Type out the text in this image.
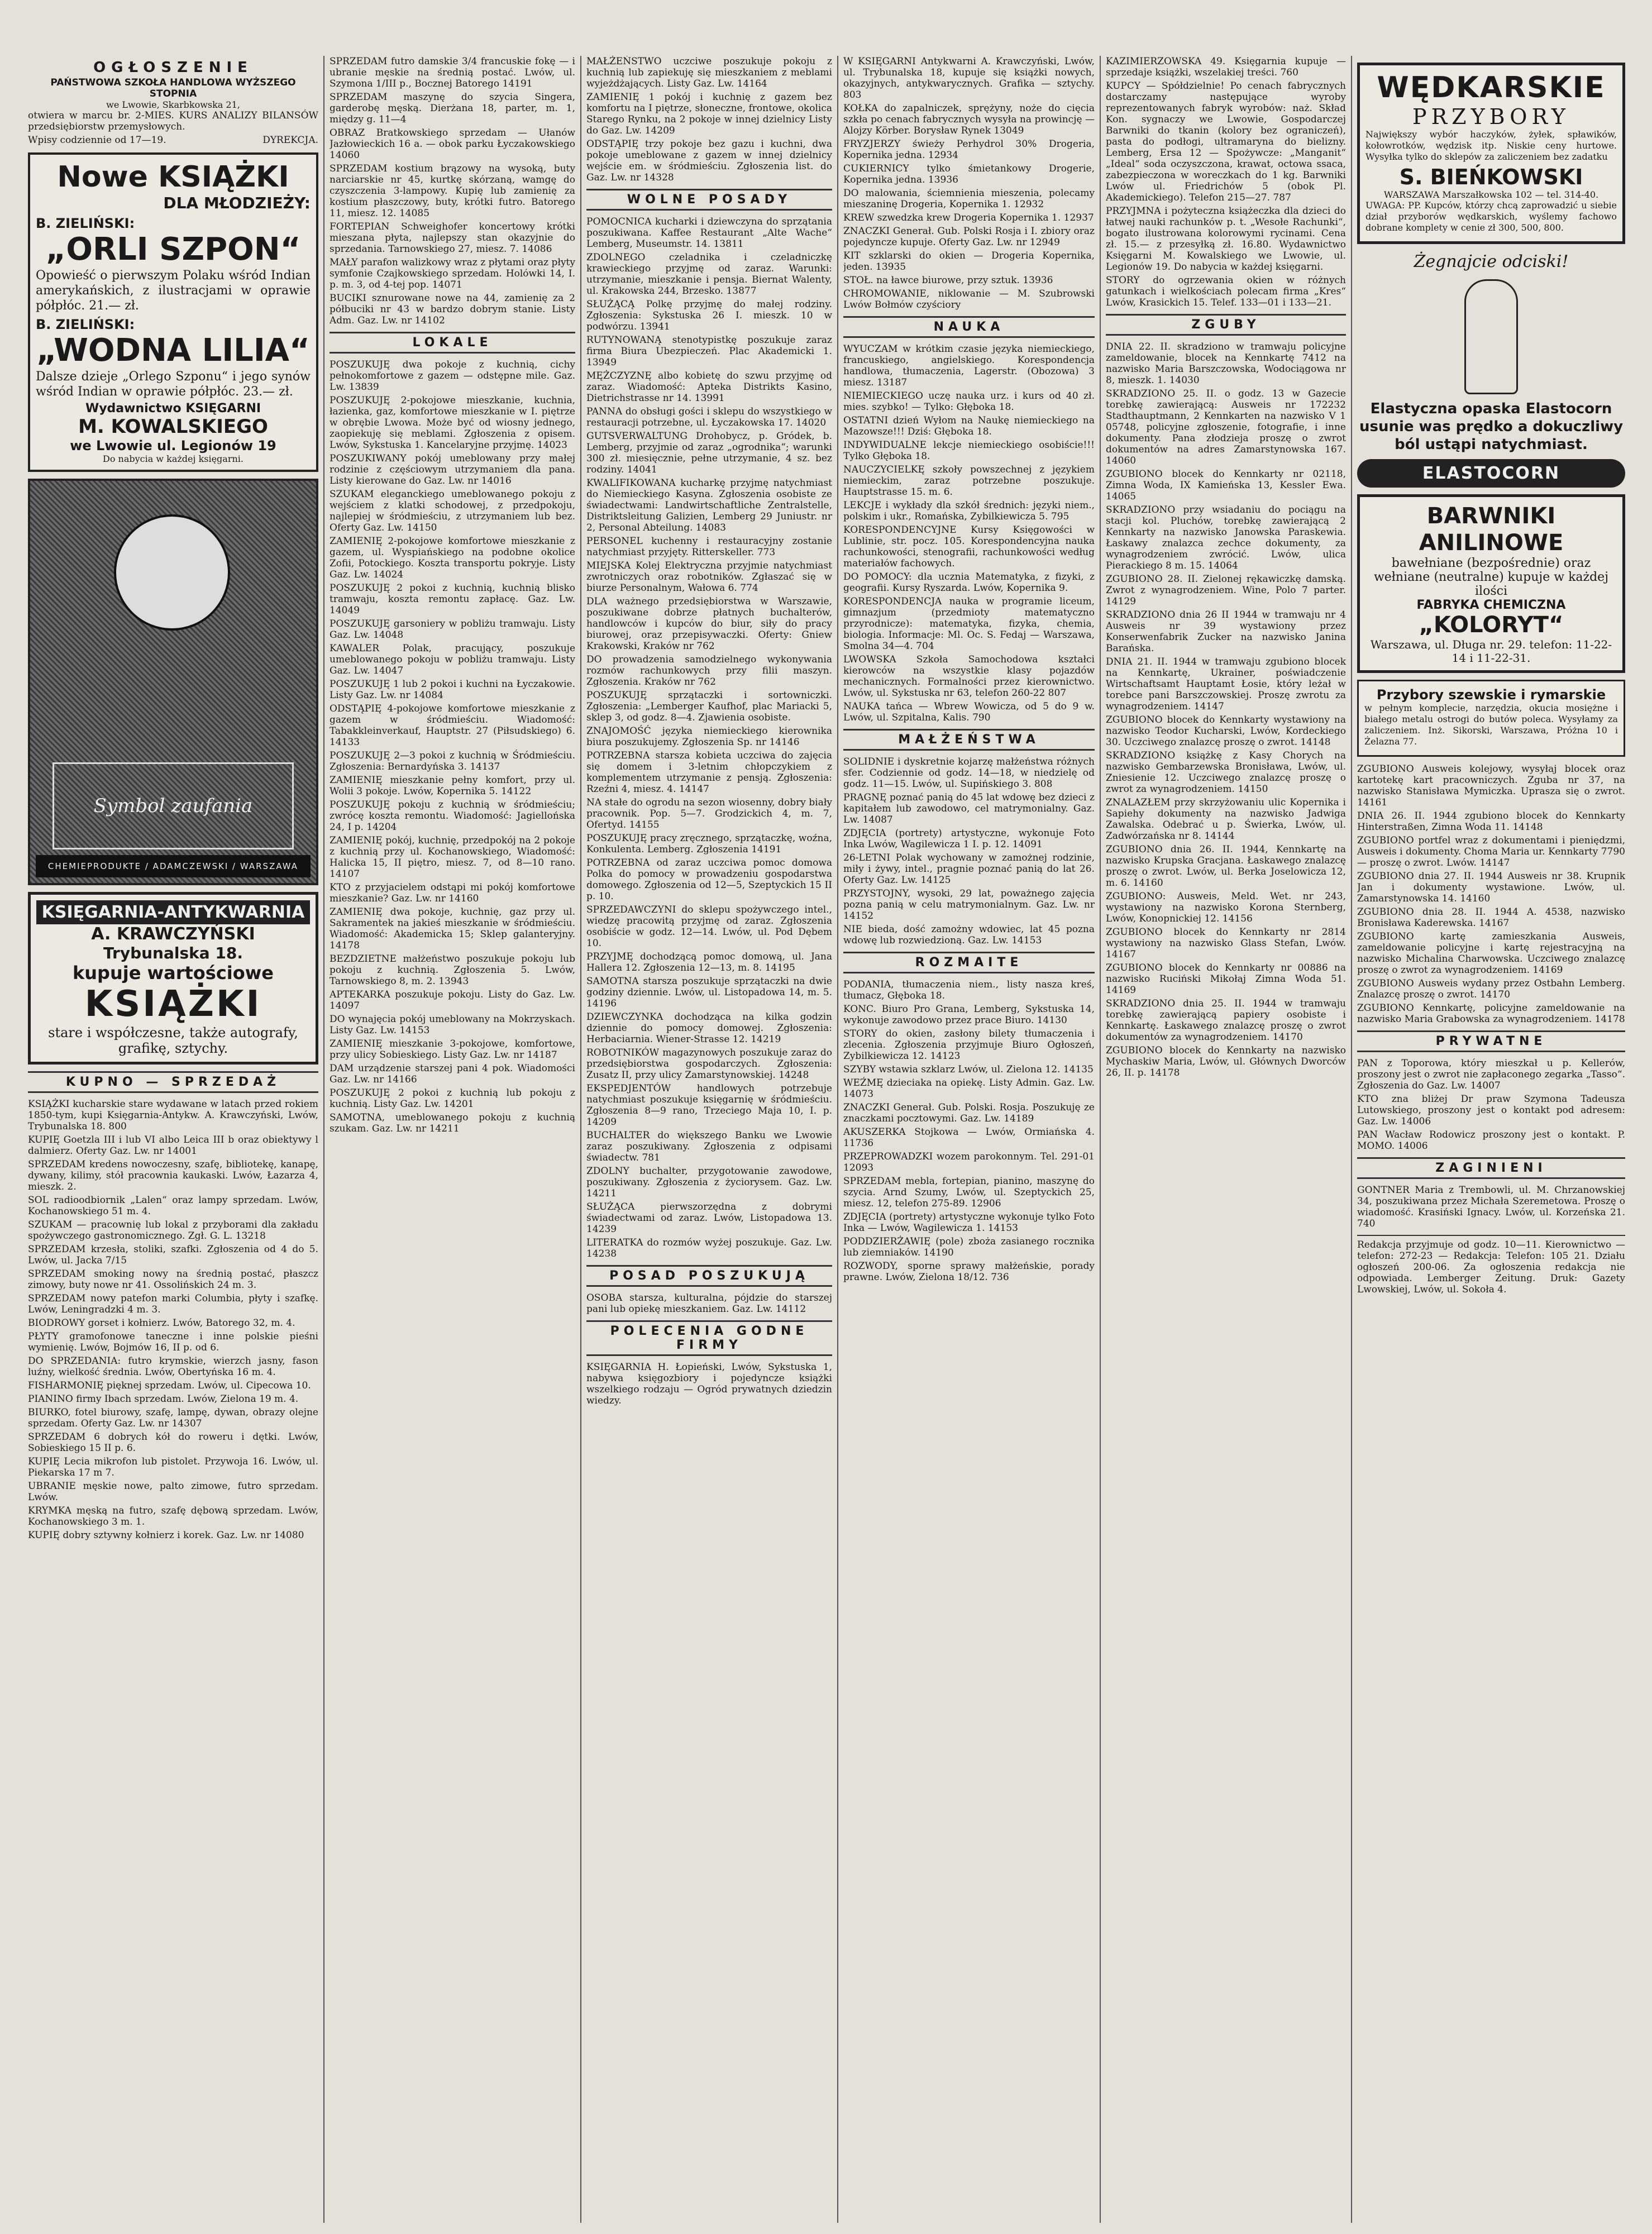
OGŁOSZENIE
PAŃSTWOWA SZKOŁA HANDLOWA WYŻSZEGO STOPNIA
we Lwowie, Skarbkowska 21,
otwiera w marcu br. 2-MIES. KURS ANALIZY BILANSÓW przedsiębiorstw przemysłowych.
Wpisy codziennie od 17—19.	DYREKCJA.
Nowe KSIĄŻKI
DLA MŁODZIEŻY:
B. ZIELIŃSKI:
„ORLI SZPON“
Opowieść o pierwszym Polaku wśród Indian amerykańskich, z ilustracjami w oprawie półpłóc. 21.— zł.
B. ZIELIŃSKI:
„WODNA LILIA“
Dalsze dzieje „Orlego Szponu“ i jego synów wśród Indian w oprawie półpłóc. 23.— zł.
Wydawnictwo KSIĘGARNI
M. KOWALSKIEGO
we Lwowie ul. Legionów 19
Do nabycia w każdej księgarni.
Symbol zaufania
CHEMIEPRODUKTE / ADAMCZEWSKI / WARSZAWA
KSIĘGARNIA-ANTYKWARNIA
A. KRAWCZYŃSKI
Trybunalska 18.
kupuje wartościowe
KSIĄŻKI
stare i współczesne, także autografy, grafikę, sztychy.
KUPNO — SPRZEDAŻ

KSIĄŻKI kucharskie stare wydawane w latach przed rokiem 1850-tym, kupi Księgarnia-Antykw. A. Krawczyński, Lwów, Trybunalska 18. 800

KUPIĘ Goetzla III i lub VI albo Leica III b oraz obiektywy l dalmierz. Oferty Gaz. Lw. nr 14001

SPRZEDAM kredens nowoczesny, szafę, bibliotekę, kanapę, dywany, kilimy, stół pracownia kaukaski. Lwów, Łazarza 4, mieszk. 2.

SOL radioodbiornik „Lalen“ oraz lampy sprzedam. Lwów, Kochanowskiego 51 m. 4.

SZUKAM — pracownię lub lokal z przyborami dla zakładu spożywczego gastronomicznego. Zgł. G. L. 13218

SPRZEDAM krzesła, stoliki, szafki. Zgłoszenia od 4 do 5. Lwów, ul. Jacka 7/15

SPRZEDAM smoking nowy na średnią postać, płaszcz zimowy, buty nowe nr 41. Ossolińskich 24 m. 3.

SPRZEDAM nowy patefon marki Columbia, płyty i szafkę. Lwów, Leningradzki 4 m. 3.

BIODROWY gorset i kołnierz. Lwów, Batorego 32, m. 4.

PŁYTY gramofonowe taneczne i inne polskie pieśni wymienię. Lwów, Bojmów 16, II p. od 6.

DO SPRZEDANIA: futro krymskie, wierzch jasny, fason luźny, wielkość średnia. Lwów, Obertyńska 16 m. 4.

FISHARMONIĘ pięknej sprzedam. Lwów, ul. Cipecowa 10.

PIANINO firmy Ibach sprzedam. Lwów, Zielona 19 m. 4.

BIURKO, fotel biurowy, szafę, lampę, dywan, obrazy olejne sprzedam. Oferty Gaz. Lw. nr 14307

SPRZEDAM 6 dobrych kół do roweru i dętki. Lwów, Sobieskiego 15 II p. 6.

KUPIĘ Lecia mikrofon lub pistolet. Przywoja 16. Lwów, ul. Piekarska 17 m 7.

UBRANIE męskie nowe, palto zimowe, futro sprzedam. Lwów.

KRYMKA męską na futro, szafę dębową sprzedam. Lwów, Kochanowskiego 3 m. 1.

KUPIĘ dobry sztywny kołnierz i korek. Gaz. Lw. nr 14080

SPRZEDAM futro damskie 3/4 francuskie fokę — i ubranie męskie na średnią postać. Lwów, ul. Szymona 1/III p., Bocznej Batorego 14191

SPRZEDAM maszynę do szycia Singera, garderobę męską. Dierżana 18, parter, m. 1, między g. 11—4

OBRAZ Bratkowskiego sprzedam — Ułanów Jazłowieckich 16 a. — obok parku Łyczakowskiego 14060

SPRZEDAM kostium brązowy na wysoką, buty narciarskie nr 45, kurtkę skórzaną, wamgę do czyszczenia 3-lampowy. Kupię lub zamienię za kostium płaszczowy, buty, krótki futro. Batorego 11, miesz. 12. 14085

FORTEPIAN Schweighofer koncertowy krótki mieszana płyta, najlepszy stan okazyjnie do sprzedania. Tarnowskiego 27, miesz. 7. 14086

MAŁY parafon walizkowy wraz z płytami oraz płyty symfonie Czajkowskiego sprzedam. Holówki 14, I. p. m. 3, od 4-tej pop. 14071

BUCIKI sznurowane nowe na 44, zamienię za 2 półbuciki nr 43 w bardzo dobrym stanie. Listy Adm. Gaz. Lw. nr 14102

LOKALE

POSZUKUJĘ dwa pokoje z kuchnią, cichy pełnokomfortowe z gazem — odstępne mile. Gaz. Lw. 13839

POSZUKUJĘ 2-pokojowe mieszkanie, kuchnia, łazienka, gaz, komfortowe mieszkanie w I. piętrze w obrębie Lwowa. Może być od wiosny jednego, zaopiekuję się meblami. Zgłoszenia z opisem. Lwów, Sykstuska 1. Kancelaryjne przyjmę. 14023

POSZUKIWANY pokój umeblowany przy małej rodzinie z częściowym utrzymaniem dla pana. Listy kierowane do Gaz. Lw. nr 14016

SZUKAM eleganckiego umeblowanego pokoju z wejściem z klatki schodowej, z przedpokoju, najlepiej w śródmieściu, z utrzymaniem lub bez. Oferty Gaz. Lw. 14150

ZAMIENIĘ 2-pokojowe komfortowe mieszkanie z gazem, ul. Wyspiańskiego na podobne okolice Zofii, Potockiego. Koszta transportu pokryje. Listy Gaz. Lw. 14024

POSZUKUJĘ 2 pokoi z kuchnią, kuchnią blisko tramwaju, koszta remontu zapłacę. Gaz. Lw. 14049

POSZUKUJĘ garsoniery w pobliżu tramwaju. Listy Gaz. Lw. 14048

KAWALER Polak, pracujący, poszukuje umeblowanego pokoju w pobliżu tramwaju. Listy Gaz. Lw. 14047

POSZUKUJĘ 1 lub 2 pokoi i kuchni na Łyczakowie. Listy Gaz. Lw. nr 14084

ODSTĄPIĘ 4-pokojowe komfortowe mieszkanie z gazem w śródmieściu. Wiadomość: Tabakkleinverkauf, Hauptstr. 27 (Piłsudskiego) 6. 14133

POSZUKUJĘ 2—3 pokoi z kuchnią w Śródmieściu. Zgłoszenia: Bernardyńska 3. 14137

ZAMIENIĘ mieszkanie pełny komfort, przy ul. Wolii 3 pokoje. Lwów, Kopernika 5. 14122

POSZUKUJĘ pokoju z kuchnią w śródmieściu; zwrócę koszta remontu. Wiadomość: Jagiellońska 24, I p. 14204

ZAMIENIĘ pokój, kuchnię, przedpokój na 2 pokoje z kuchnią przy ul. Kochanowskiego, Wiadomość: Halicka 15, II piętro, miesz. 7, od 8—10 rano. 14107

KTO z przyjacielem odstąpi mi pokój komfortowe mieszkanie? Gaz. Lw. nr 14160

ZAMIENIĘ dwa pokoje, kuchnię, gaz przy ul. Sakramentek na jakieś mieszkanie w śródmieściu. Wiadomość: Akademicka 15; Sklep galanteryjny. 14178

BEZDZIETNE małżeństwo poszukuje pokoju lub pokoju z kuchnią. Zgłoszenia 5. Lwów, Tarnowskiego 8, m. 2. 13943

APTEKARKA poszukuje pokoju. Listy do Gaz. Lw. 14097

DO wynajęcia pokój umeblowany na Mokrzyskach. Listy Gaz. Lw. 14153

ZAMIENIĘ mieszkanie 3-pokojowe, komfortowe, przy ulicy Sobieskiego. Listy Gaz. Lw. nr 14187

DAM urządzenie starszej pani 4 pok. Wiadomości Gaz. Lw. nr 14166

POSZUKUJĘ 2 pokoi z kuchnią lub pokoju z kuchnią. Listy Gaz. Lw. 14201

SAMOTNA, umeblowanego pokoju z kuchnią szukam. Gaz. Lw. nr 14211

MAŁŻEŃSTWO uczciwe poszukuje pokoju z kuchnią lub zapiekuję się mieszkaniem z meblami wyjeżdżających. Listy Gaz. Lw. 14164

ZAMIENIĘ 1 pokój i kuchnię z gazem bez komfortu na I piętrze, słoneczne, frontowe, okolica Starego Rynku, na 2 pokoje w innej dzielnicy Listy do Gaz. Lw. 14209

ODSTĄPIĘ trzy pokoje bez gazu i kuchni, dwa pokoje umeblowane z gazem w innej dzielnicy wejście em. w śródmieściu. Zgłoszenia list. do Gaz. Lw. nr 14328

WOLNE POSADY

POMOCNICA kucharki i dziewczyna do sprzątania poszukiwana. Kaffee Restaurant „Alte Wache“ Lemberg, Museumstr. 14. 13811

ZDOLNEGO czeladnika i czeladniczkę krawieckiego przyjmę od zaraz. Warunki: utrzymanie, mieszkanie i pensja. Biernat Walenty, ul. Krakowska 244, Brzesko. 13877

SŁUŻĄCĄ Polkę przyjmę do małej rodziny. Zgłoszenia: Sykstuska 26 I. mieszk. 10 w podwórzu. 13941

RUTYNOWANĄ stenotypistkę poszukuje zaraz firma Biura Ubezpieczeń. Plac Akademicki 1. 13949

MĘŻCZYZNĘ albo kobietę do szwu przyjmę od zaraz. Wiadomość: Apteka Distrikts Kasino, Dietrichstrasse nr 14. 13991

PANNA do obsługi gości i sklepu do wszystkiego w restauracji potrzebne, ul. Łyczakowska 17. 14020

GUTSVERWALTUNG Drohobycz, p. Gródek, b. Lemberg, przyjmie od zaraz „ogrodnika“; warunki 300 zł. miesięcznie, pełne utrzymanie, 4 sz. bez rodziny. 14041

KWALIFIKOWANA kucharkę przyjmę natychmiast do Niemieckiego Kasyna. Zgłoszenia osobiste ze świadectwami: Landwirtschaftliche Zentralstelle, Distriktsleitung Galizien, Lemberg 29 Juniustr. nr 2, Personal Abteilung. 14083

PERSONEL kuchenny i restauracyjny zostanie natychmiast przyjęty. Ritterskeller. 773

MIEJSKA Kolej Elektryczna przyjmie natychmiast zwrotniczych oraz robotników. Zgłaszać się w biurze Personalnym, Wałowa 6. 774

DLA ważnego przedsiębiorstwa w Warszawie, poszukiwane dobrze płatnych buchalterów, handlowców i kupców do biur, siły do pracy biurowej, oraz przepisywaczki. Oferty: Gniew Krakowski, Kraków nr 762

DO prowadzenia samodzielnego wykonywania rozmów rachunkowych przy filii maszyn. Zgłoszenia. Kraków nr 762

POSZUKUJĘ sprzątaczki i sortowniczki. Zgłoszenia: „Lemberger Kaufhof, plac Mariacki 5, sklep 3, od godz. 8—4. Zjawienia osobiste.

ZNAJOMOŚĆ języka niemieckiego kierownika biura poszukujemy. Zgłoszenia Sp. nr 14146

POTRZEBNA starsza kobieta uczciwa do zajęcia się domem i 3-letnim chłopczykiem z komplementem utrzymanie z pensją. Zgłoszenia: Rzeźni 4, miesz. 4. 14147

NA stałe do ogrodu na sezon wiosenny, dobry biały pracownik. Pop. 5—7. Grodzickich 4, m. 7, Ofertyd. 14155

POSZUKUJĘ pracy zręcznego, sprzątaczkę, woźna, Konkulenta. Lemberg. Zgłoszenia 14191

POTRZEBNA od zaraz uczciwa pomoc domowa Polka do pomocy w prowadzeniu gospodarstwa domowego. Zgłoszenia od 12—5, Szeptyckich 15 II p. 10.

SPRZEDAWCZYNI do sklepu spożywczego intel., wiedzę pracowitą przyjmę od zaraz. Zgłoszenia osobiście w godz. 12—14. Lwów, ul. Pod Dębem 10.

PRZYJMĘ dochodzącą pomoc domową, ul. Jana Hallera 12. Zgłoszenia 12—13, m. 8. 14195

SAMOTNA starsza poszukuje sprzątaczki na dwie godziny dziennie. Lwów, ul. Listopadowa 14, m. 5. 14196

DZIEWCZYNKA dochodząca na kilka godzin dziennie do pomocy domowej. Zgłoszenia: Herbaciarnia. Wiener-Strasse 12. 14219

ROBOTNIKÓW magazynowych poszukuje zaraz do przedsiębiorstwa gospodarczych. Zgłoszenia: Zusatz II, przy ulicy Zamarstynowskiej. 14248

EKSPEDJENTÓW handlowych potrzebuje natychmiast poszukuje księgarnię w śródmieściu. Zgłoszenia 8—9 rano, Trzeciego Maja 10, I. p. 14209

BUCHALTER do większego Banku we Lwowie zaraz poszukiwany. Zgłoszenia z odpisami świadectw. 781

ZDOLNY buchalter, przygotowanie zawodowe, poszukiwany. Zgłoszenia z życiorysem. Gaz. Lw. 14211

SŁUŻĄCA pierwszorzędna z dobrymi świadectwami od zaraz. Lwów, Listopadowa 13. 14239

LITERATKA do rozmów wyżej poszukuje. Gaz. Lw. 14238

POSAD POSZUKUJĄ

OSOBA starsza, kulturalna, pójdzie do starszej pani lub opiekę mieszkaniem. Gaz. Lw. 14112

POLECENIA GODNE FIRMY

KSIĘGARNIA H. Łopieński, Lwów, Sykstuska 1, nabywa księgozbiory i pojedyncze książki wszelkiego rodzaju — Ogród prywatnych dziedzin wiedzy.

W KSIĘGARNI Antykwarni A. Krawczyński, Lwów, ul. Trybunalska 18, kupuje się książki nowych, okazyjnych, antykwarycznych. Grafika — sztychy. 803

KOŁKA do zapalniczek, sprężyny, noże do cięcia szkła po cenach fabrycznych wysyła na prowincję — Alojzy Körber. Borysław Rynek 13049

FRYZJERZY świeży Perhydrol 30% Drogeria, Kopernika jedna. 12934

CUKIERNICY tylko śmietankowy Drogerie, Kopernika jedna. 13936

DO malowania, ściemnienia mieszenia, polecamy mieszaninę Drogeria, Kopernika 1. 12932

KREW szwedzka krew Drogeria Kopernika 1. 12937

ZNACZKI Generał. Gub. Polski Rosja i I. zbiory oraz pojedyncze kupuje. Oferty Gaz. Lw. nr 12949

KIT szklarski do okien — Drogeria Kopernika, jeden. 13935

STOŁ. na ławce biurowe, przy sztuk. 13936

CHROMOWANIE, niklowanie — M. Szubrowski Lwów Bołmów czyściory

NAUKA

WYUCZAM w krótkim czasie języka niemieckiego, francuskiego, angielskiego. Korespondencja handlowa, tłumaczenia, Lagerstr. (Obozowa) 3 miesz. 13187

NIEMIECKIEGO uczę nauka urz. i kurs od 40 zł. mies. szybko! — Tylko: Głęboka 18.

OSTATNI dzień Wyłom na Naukę niemieckiego na Mazowsze!!! Dziś: Głęboka 18.

INDYWIDUALNE lekcje niemieckiego osobiście!!! Tylko Głęboka 18.

NAUCZYCIELKĘ szkoły powszechnej z językiem niemieckim, zaraz potrzebne poszukuje. Hauptstrasse 15. m. 6.

LEKCJE i wykłady dla szkół średnich: języki niem., polskim i ukr., Romańska, Zybilkiewicza 5. 795

KORESPONDENCYJNE Kursy Księgowości w Lublinie, str. pocz. 105. Korespondencyjna nauka rachunkowości, stenografii, rachunkowości według materiałów fachowych.

DO POMOCY: dla ucznia Matematyka, z fizyki, z geografii. Kursy Ryszarda. Lwów, Kopernika 9.

KORESPONDENCJA nauka w programie liceum, gimnazjum (przedmioty matematyczno przyrodnicze): matematyka, fizyka, chemia, biologia. Informacje: Ml. Oc. S. Fedaj — Warszawa, Smolna 34—4. 704

LWOWSKA Szkoła Samochodowa kształci kierowców na wszystkie klasy pojazdów mechanicznych. Formalności przez kierownictwo. Lwów, ul. Sykstuska nr 63, telefon 260-22 807

NAUKA tańca — Wbrew Wowicza, od 5 do 9 w. Lwów, ul. Szpitalna, Kalis. 790

MAŁŻEŃSTWA

SOLIDNIE i dyskretnie kojarzę małżeństwa różnych sfer. Codziennie od godz. 14—18, w niedzielę od godz. 11—15. Lwów, ul. Supińskiego 3. 808

PRAGNĘ poznać panią do 45 lat wdowę bez dzieci z kapitałem lub zawodowo, cel matrymonialny. Gaz. Lw. 14087

ZDJĘCIA (portrety) artystyczne, wykonuje Foto Inka Lwów, Wagilewicza 1 I. p. 12. 14091

26-LETNI Polak wychowany w zamożnej rodzinie, miły i żywy, intel., pragnie poznać panią do lat 26. Oferty Gaz. Lw. 14125

PRZYSTOJNY, wysoki, 29 lat, poważnego zajęcia pozna panią w celu matrymonialnym. Gaz. Lw. nr 14152

NIE bieda, dość zamożny wdowiec, lat 45 pozna wdowę lub rozwiedzioną. Gaz. Lw. 14153

ROZMAITE

PODANIA, tłumaczenia niem., listy nasza kreś, tłumacz, Głęboka 18.

KONC. Biuro Pro Grana, Lemberg, Sykstuska 14, wykonuje zawodowo przez prace Biuro. 14130

STORY do okien, zasłony bilety tłumaczenia i zlecenia. Zgłoszenia przyjmuje Biuro Ogłoszeń, Zybilkiewicza 12. 14123

SZYBY wstawia szklarz Lwów, ul. Zielona 12. 14135

WEŹMĘ dzieciaka na opiekę. Listy Admin. Gaz. Lw. 14073

ZNACZKI Generał. Gub. Polski. Rosja. Poszukuję ze znaczkami pocztowymi. Gaz. Lw. 14189

AKUSZERKA Stojkowa — Lwów, Ormiańska 4. 11736

PRZEPROWADZKI wozem parokonnym. Tel. 291-01 12093

SPRZEDAM mebla, fortepian, pianino, maszynę do szycia. Arnd Szumy, Lwów, ul. Szeptyckich 25, miesz. 12, telefon 275-89. 12906

ZDJĘCIA (portrety) artystyczne wykonuje tylko Foto Inka — Lwów, Wagilewicza 1. 14153

PODDZIERŻAWIĘ (pole) zboża zasianego rocznika lub ziemniaków. 14190

ROZWODY, sporne sprawy małżeńskie, porady prawne. Lwów, Zielona 18/12. 736

KAZIMIERZOWSKA 49. Księgarnia kupuje — sprzedaje książki, wszelakiej treści. 760

KUPCY — Spółdzielnie! Po cenach fabrycznych dostarczamy następujące wyroby reprezentowanych fabryk wyrobów: naż. Skład Kon. sygnaczy we Lwowie, Gospodarczej Barwniki do tkanin (kolory bez ograniczeń), pasta do podłogi, ultramaryna do bielizny. Lemberg, Ersa 12 — Spożywcze: „Manganit“ „Ideal“ soda oczyszczona, krawat, octowa ssaca, zabezpieczona w woreczkach do 1 kg. Barwniki Lwów ul. Friedrichów 5 (obok Pl. Akademickiego). Telefon 215—27. 787

PRZYJMNA i pożyteczna książeczka dla dzieci do łatwej nauki rachunków p. t. „Wesołe Rachunki“, bogato ilustrowana kolorowymi rycinami. Cena zł. 15.— z przesyłką zł. 16.80. Wydawnictwo Księgarni M. Kowalskiego we Lwowie, ul. Legionów 19. Do nabycia w każdej księgarni.

STORY do ogrzewania okien w różnych gatunkach i wielkościach polecam firma „Kres“ Lwów, Krasickich 15. Telef. 133—01 i 133—21.

ZGUBY

DNIA 22. II. skradziono w tramwaju policyjne zameldowanie, blocek na Kennkartę 7412 na nazwisko Maria Barszczowska, Wodociągowa nr 8, mieszk. 1. 14030

SKRADZIONO 25. II. o godz. 13 w Gazecie torebkę zawierającą: Ausweis nr 172232 Stadthauptmann, 2 Kennkarten na nazwisko V 1 05748, policyjne zgłoszenie, fotografie, i inne dokumenty. Pana złodzieja proszę o zwrot dokumentów na adres Zamarstynowska 167. 14060

ZGUBIONO blocek do Kennkarty nr 02118, Zimna Woda, IX Kamieńska 13, Kessler Ewa. 14065

SKRADZIONO przy wsiadaniu do pociągu na stacji kol. Pluchów, torebkę zawierającą 2 Kennkarty na nazwisko Janowska Paraskewia. Łaskawy znalazca zechce dokumenty, za wynagrodzeniem zwrócić. Lwów, ulica Pierackiego 8 m. 15. 14064

ZGUBIONO 28. II. Zielonej rękawiczkę damską. Zwrot z wynagrodzeniem. Wine, Polo 7 parter. 14129

SKRADZIONO dnia 26 II 1944 w tramwaju nr 4 Ausweis nr 39 wystawiony przez Konserwenfabrik Zucker na nazwisko Janina Barańska.

DNIA 21. II. 1944 w tramwaju zgubiono blocek na Kennkartę, Ukrainer, poświadczenie Wirtschaftsamt Hauptamt Łosie, który leżał w torebce pani Barszczowskiej. Proszę zwrotu za wynagrodzeniem. 14147

ZGUBIONO blocek do Kennkarty wystawiony na nazwisko Teodor Kucharski, Lwów, Kordeckiego 30. Uczciwego znalazcę proszę o zwrot. 14148

SKRADZIONO książkę z Kasy Chorych na nazwisko Gembarzewska Bronisława, Lwów, ul. Zniesienie 12. Uczciwego znalazcę proszę o zwrot za wynagrodzeniem. 14150

ZNALAZŁEM przy skrzyżowaniu ulic Kopernika i Sapiehy dokumenty na nazwisko Jadwiga Zawalska. Odebrać u p. Świerka, Lwów, ul. Zadwórzańska nr 8. 14144

ZGUBIONO dnia 26. II. 1944, Kennkartę na nazwisko Krupska Gracjana. Łaskawego znalazcę proszę o zwrot. Lwów, ul. Berka Joselowicza 12, m. 6. 14160

ZGUBIONO: Ausweis, Meld. Wet. nr 243, wystawiony na nazwisko Korona Sternberg, Lwów, Konopnickiej 12. 14156

ZGUBIONO blocek do Kennkarty nr 2814 wystawiony na nazwisko Glass Stefan, Lwów. 14167

ZGUBIONO blocek do Kennkarty nr 00886 na nazwisko Ruciński Mikołaj Zimna Woda 51. 14169

SKRADZIONO dnia 25. II. 1944 w tramwaju torebkę zawierającą papiery osobiste i Kennkartę. Łaskawego znalazcę proszę o zwrot dokumentów za wynagrodzeniem. 14170

ZGUBIONO blocek do Kennkarty na nazwisko Mychaskiw Maria, Lwów, ul. Głównych Dworców 26, II. p. 14178

WĘDKARSKIE
PRZYBORY
Największy wybór haczyków, żyłek, spławików, kołowrotków, wędzisk itp. Niskie ceny hurtowe. Wysyłka tylko do sklepów za zaliczeniem bez zadatku
S. BIEŃKOWSKI
WARSZAWA Marszałkowska 102 — tel. 314-40.
UWAGA: PP. Kupców, którzy chcą zaprowadzić u siebie dział przyborów wędkarskich, wyślemy fachowo dobrane komplety w cenie zł 300, 500, 800.
Żegnajcie odciski!
Elastyczna opaska Elastocorn usunie was prędko a dokuczliwy ból ustąpi natychmiast.
ELASTOCORN
BARWNIKI ANILINOWE
bawełniane (bezpośrednie) oraz wełniane (neutralne) kupuje w każdej ilości
FABRYKA CHEMICZNA
„KOLORYT“
Warszawa, ul. Długa nr. 29. telefon: 11-22-14 i 11-22-31.
Przybory szewskie i rymarskie
w pełnym komplecie, narzędzia, okucia mosiężne i białego metalu ostrogi do butów poleca. Wysyłamy za zaliczeniem. Inż. Sikorski, Warszawa, Próżna 10 i Żelazna 77.

ZGUBIONO Ausweis kolejowy, wysyłaj blocek oraz kartotekę kart pracowniczych. Zguba nr 37, na nazwisko Stanisława Mymiczka. Uprasza się o zwrot. 14161

DNIA 26. II. 1944 zgubiono blocek do Kennkarty Hinterstraßen, Zimna Woda 11. 14148

ZGUBIONO portfel wraz z dokumentami i pieniędzmi, Ausweis i dokumenty. Choma Maria ur. Kennkarty 7790 — proszę o zwrot. Lwów. 14147

ZGUBIONO dnia 27. II. 1944 Ausweis nr 38. Krupnik Jan i dokumenty wystawione. Lwów, ul. Zamarstynowska 14. 14160

ZGUBIONO dnia 28. II. 1944 A. 4538, nazwisko Bronisława Kaderewska. 14167

ZGUBIONO kartę zamieszkania Ausweis, zameldowanie policyjne i kartę rejestracyjną na nazwisko Michalina Charwowska. Uczciwego znalazcę proszę o zwrot za wynagrodzeniem. 14169

ZGUBIONO Ausweis wydany przez Ostbahn Lemberg. Znalazcę proszę o zwrot. 14170

ZGUBIONO Kennkartę, policyjne zameldowanie na nazwisko Maria Grabowska za wynagrodzeniem. 14178

PRYWATNE

PAN z Toporowa, który mieszkał u p. Kellerów, proszony jest o zwrot nie zapłaconego zegarka „Tasso“. Zgłoszenia do Gaz. Lw. 14007

KTO zna bliżej Dr praw Szymona Tadeusza Lutowskiego, proszony jest o kontakt pod adresem: Gaz. Lw. 14006

PAN Wacław Rodowicz proszony jest o kontakt. P. MOMO. 14006

ZAGINIENI

GONTNER Maria z Trembowli, ul. M. Chrzanowskiej 34, poszukiwana przez Michała Szeremetowa. Proszę o wiadomość. Krasiński Ignacy. Lwów, ul. Korzeńska 21. 740

Redakcja przyjmuje od godz. 10—11. Kierownictwo — telefon: 272-23 — Redakcja: Telefon: 105 21. Działu ogłoszeń 200-06. Za ogłoszenia redakcja nie odpowiada. Lemberger Zeitung. Druk: Gazety Lwowskiej, Lwów, ul. Sokoła 4.
